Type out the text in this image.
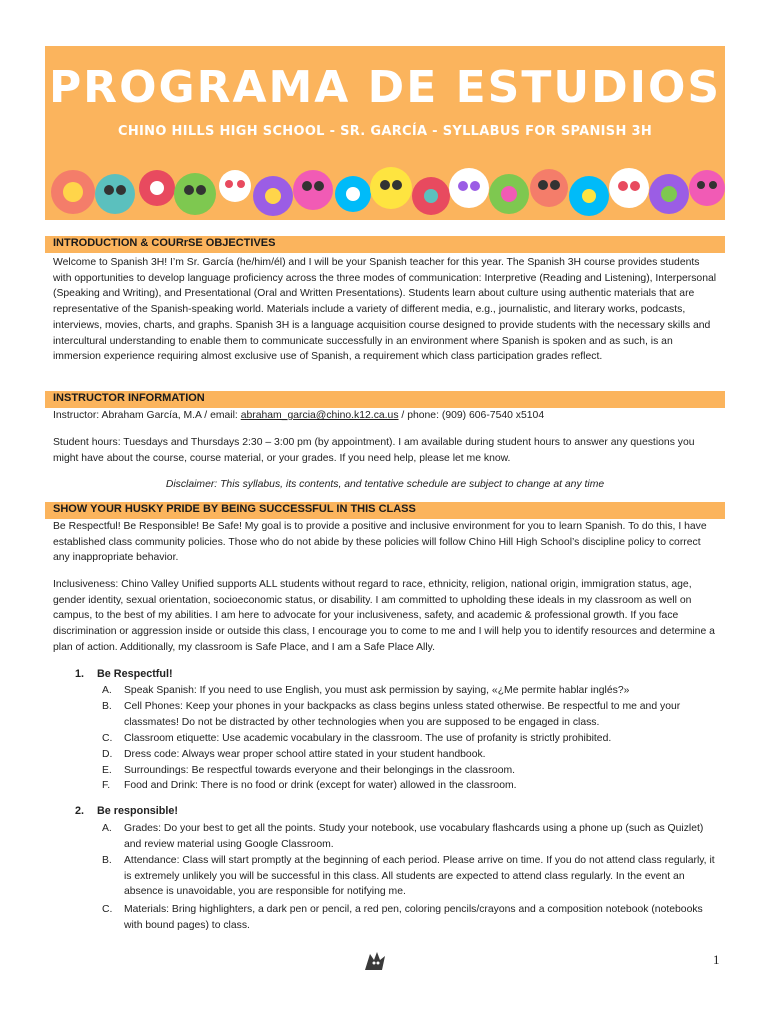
PROGRAMA DE ESTUDIOS
CHINO HILLS HIGH SCHOOL - SR. GARCÍA - SYLLABUS FOR SPANISH 3H
INTRODUCTION & COURrSE OBJECTIVES
Welcome to Spanish 3H! I’m Sr. García (he/him/él) and I will be your Spanish teacher for this year. The Spanish 3H course provides students with opportunities to develop language proficiency across the three modes of communication: Interpretive (Reading and Listening), Interpersonal (Speaking and Writing), and Presentational (Oral and Written Presentations). Students learn about culture using authentic materials that are representative of the Spanish-speaking world. Materials include a variety of different media, e.g., journalistic, and literary works, podcasts, interviews, movies, charts, and graphs. Spanish 3H is a language acquisition course designed to provide students with the necessary skills and intercultural understanding to enable them to communicate successfully in an environment where Spanish is spoken and as such, is an immersion experience requiring almost exclusive use of Spanish, a requirement which class participation grades reflect.
INSTRUCTOR INFORMATION
Instructor: Abraham García, M.A / email: abraham_garcia@chino.k12.ca.us / phone: (909) 606-7540 x5104
Student hours: Tuesdays and Thursdays 2:30 – 3:00 pm (by appointment). I am available during student hours to answer any questions you might have about the course, course material, or your grades. If you need help, please let me know.
Disclaimer: This syllabus, its contents, and tentative schedule are subject to change at any time
SHOW YOUR HUSKY PRIDE BY BEING SUCCESSFUL IN THIS CLASS
Be Respectful! Be Responsible! Be Safe! My goal is to provide a positive and inclusive environment for you to learn Spanish. To do this, I have established class community policies. Those who do not abide by these policies will follow Chino Hill High School’s discipline policy to correct any inappropriate behavior.
Inclusiveness: Chino Valley Unified supports ALL students without regard to race, ethnicity, religion, national origin, immigration status, age, gender identity, sexual orientation, socioeconomic status, or disability. I am committed to upholding these ideals in my classroom as well on campus, to the best of my abilities. I am here to advocate for your inclusiveness, safety, and academic & professional growth. If you face discrimination or aggression inside or outside this class, I encourage you to come to me and I will help you to identify resources and determine a plan of action. Additionally, my classroom is Safe Place, and I am a Safe Place Ally.
1. Be Respectful!
A. Speak Spanish: If you need to use English, you must ask permission by saying, «¿Me permite hablar inglés?»
B. Cell Phones: Keep your phones in your backpacks as class begins unless stated otherwise. Be respectful to me and your classmates! Do not be distracted by other technologies when you are supposed to be engaged in class.
C. Classroom etiquette: Use academic vocabulary in the classroom. The use of profanity is strictly prohibited.
D. Dress code: Always wear proper school attire stated in your student handbook.
E. Surroundings: Be respectful towards everyone and their belongings in the classroom.
F. Food and Drink: There is no food or drink (except for water) allowed in the classroom.
2. Be responsible!
A. Grades: Do your best to get all the points. Study your notebook, use vocabulary flashcards using a phone up (such as Quizlet) and review material using Google Classroom.
B. Attendance: Class will start promptly at the beginning of each period. Please arrive on time. If you do not attend class regularly, it is extremely unlikely you will be successful in this class. All students are expected to attend class regularly. In the event an absence is unavoidable, you are responsible for notifying me.
C. Materials: Bring highlighters, a dark pen or pencil, a red pen, coloring pencils/crayons and a composition notebook (notebooks with bound pages) to class.
1
